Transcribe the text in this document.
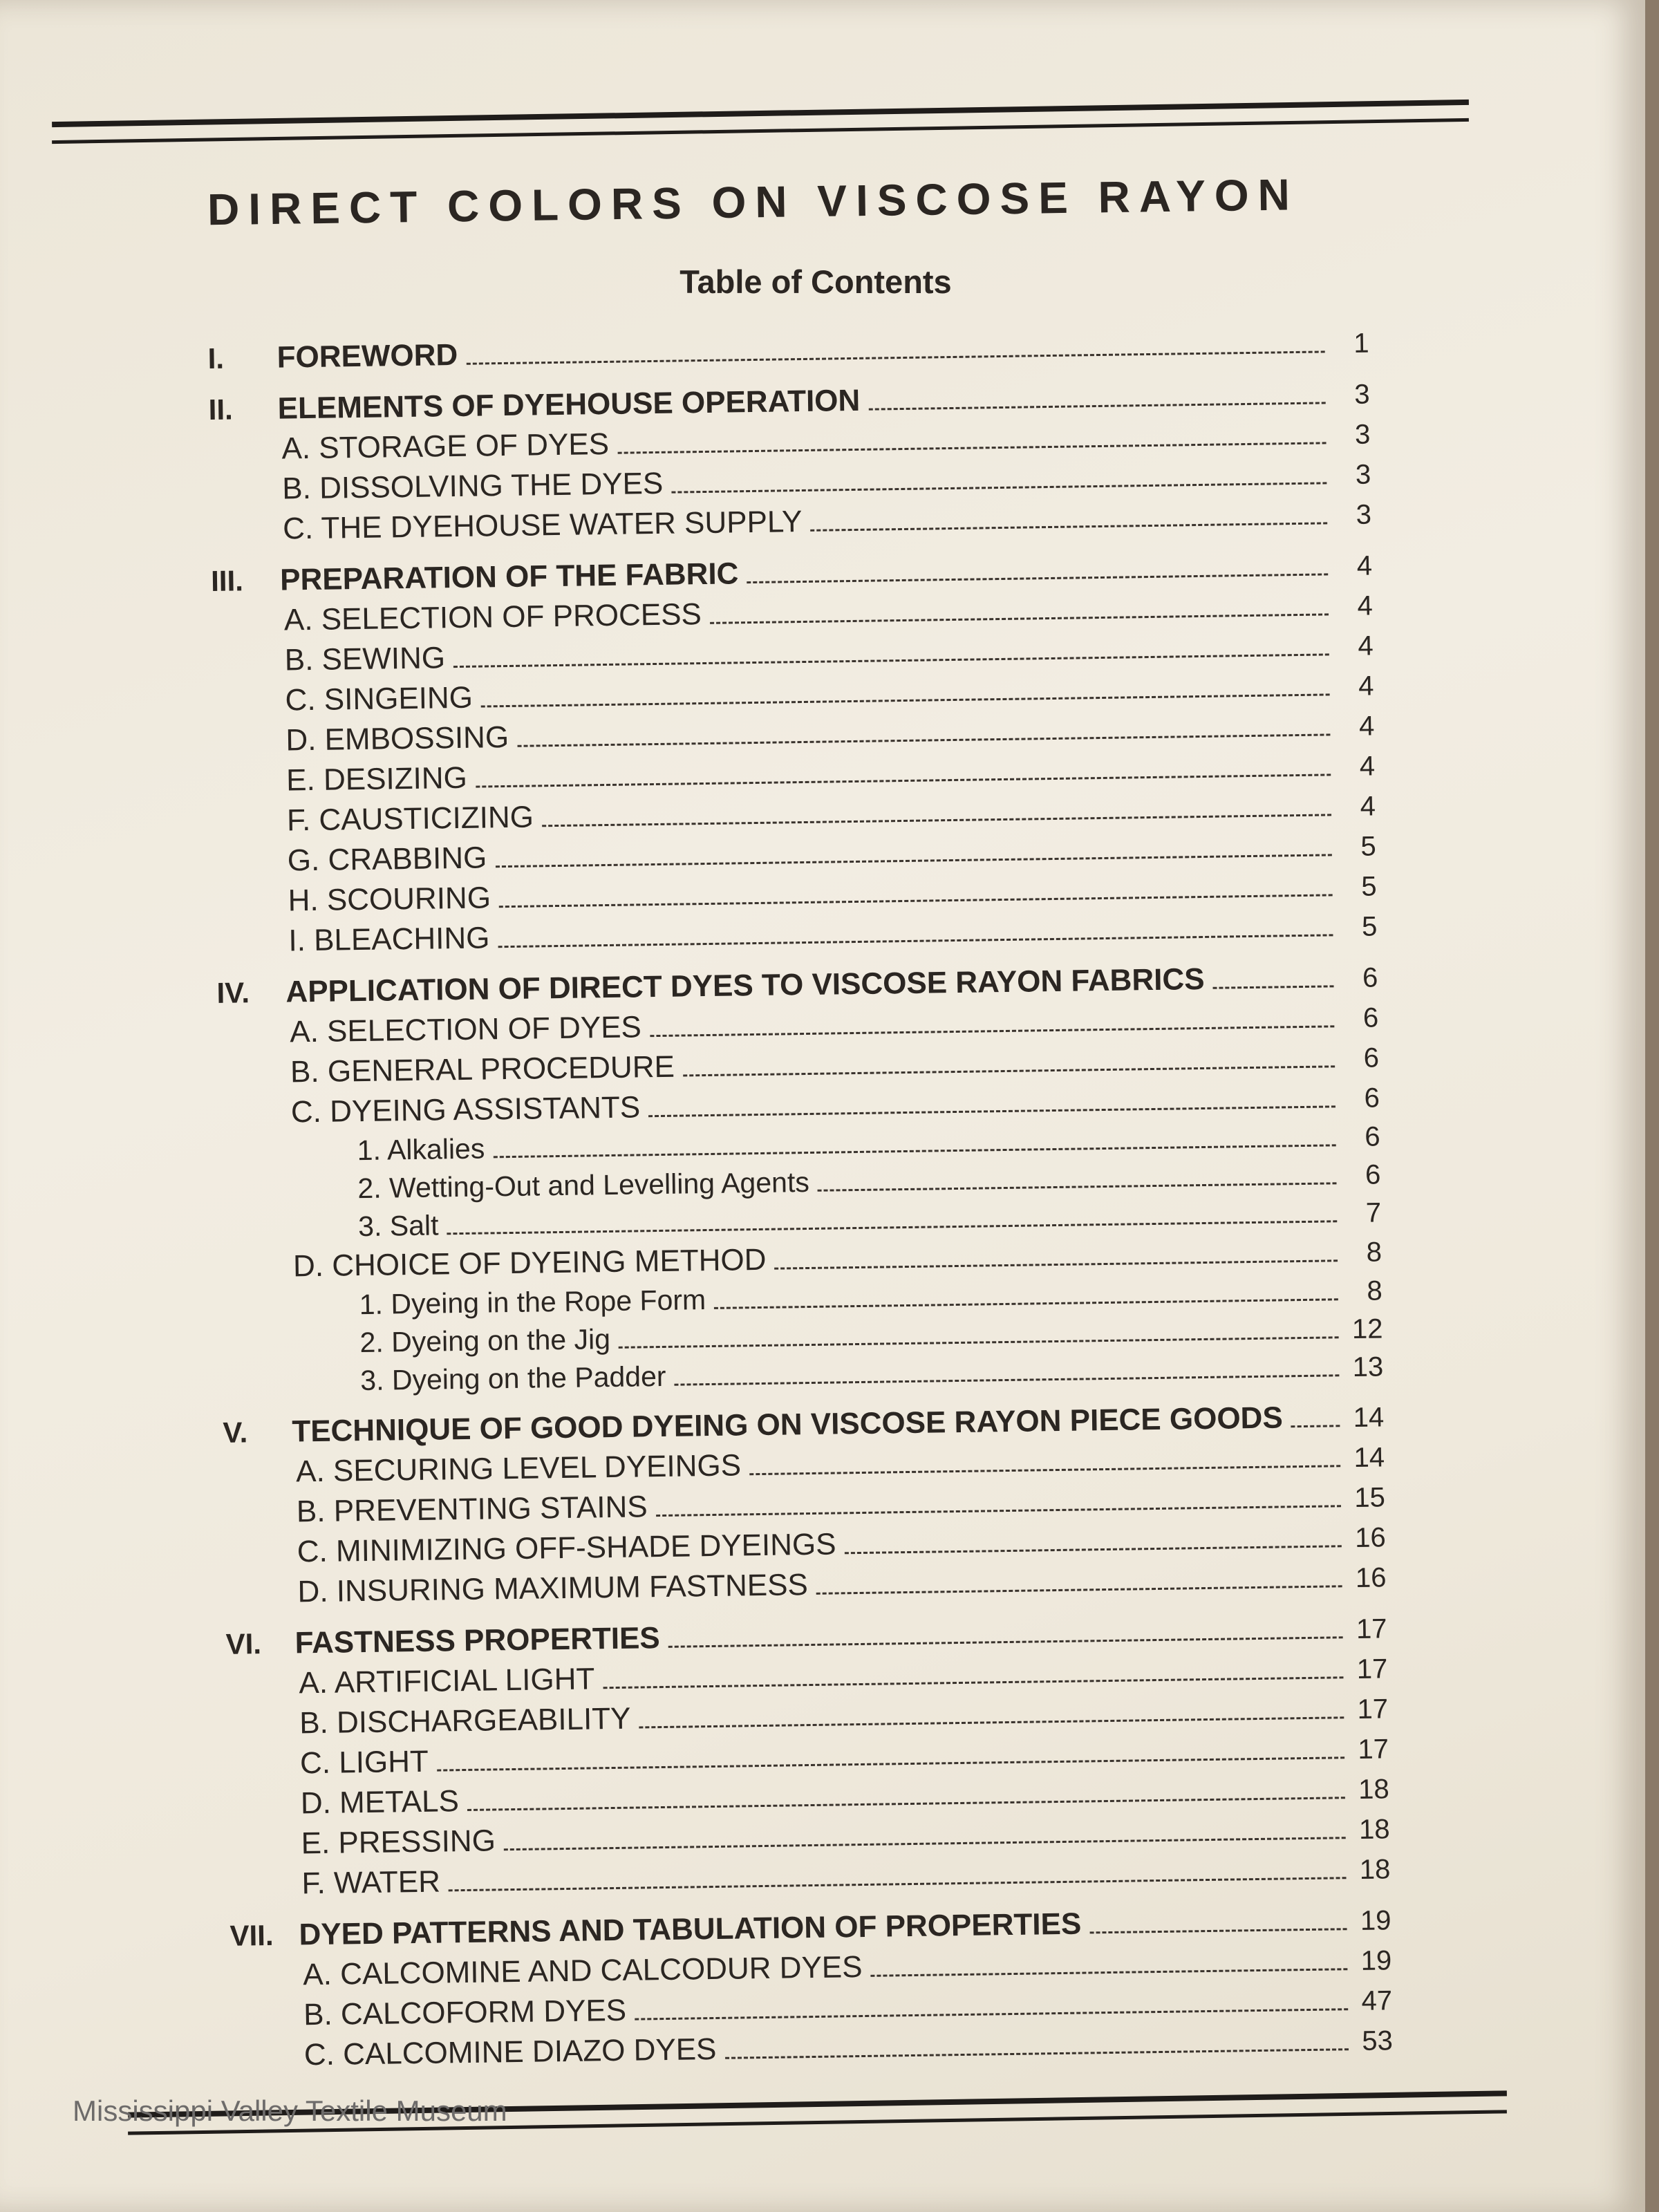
DIRECT COLORS ON VISCOSE RAYON
Table of Contents
I.	FOREWORD	1
II.	ELEMENTS OF DYEHOUSE OPERATION	3
A. STORAGE OF DYES	3
B. DISSOLVING THE DYES	3
C. THE DYEHOUSE WATER SUPPLY	3
III.	PREPARATION OF THE FABRIC	4
A. SELECTION OF PROCESS	4
B. SEWING	4
C. SINGEING	4
D. EMBOSSING	4
E. DESIZING	4
F. CAUSTICIZING	4
G. CRABBING	5
H. SCOURING	5
I. BLEACHING	5
IV.	APPLICATION OF DIRECT DYES TO VISCOSE RAYON FABRICS	6
A. SELECTION OF DYES	6
B. GENERAL PROCEDURE	6
C. DYEING ASSISTANTS	6
1. Alkalies	6
2. Wetting-Out and Levelling Agents	6
3. Salt	7
D. CHOICE OF DYEING METHOD	8
1. Dyeing in the Rope Form	8
2. Dyeing on the Jig	12
3. Dyeing on the Padder	13
V.	TECHNIQUE OF GOOD DYEING ON VISCOSE RAYON PIECE GOODS	14
A. SECURING LEVEL DYEINGS	14
B. PREVENTING STAINS	15
C. MINIMIZING OFF-SHADE DYEINGS	16
D. INSURING MAXIMUM FASTNESS	16
VI.	FASTNESS PROPERTIES	17
A. ARTIFICIAL LIGHT	17
B. DISCHARGEABILITY	17
C. LIGHT	17
D. METALS	18
E. PRESSING	18
F. WATER	18
VII. DYED PATTERNS AND TABULATION OF PROPERTIES	19
A. CALCOMINE AND CALCODUR DYES	19
B. CALCOFORM DYES	47
C. CALCOMINE DIAZO DYES	53
Mississippi Valley Textile Museum
